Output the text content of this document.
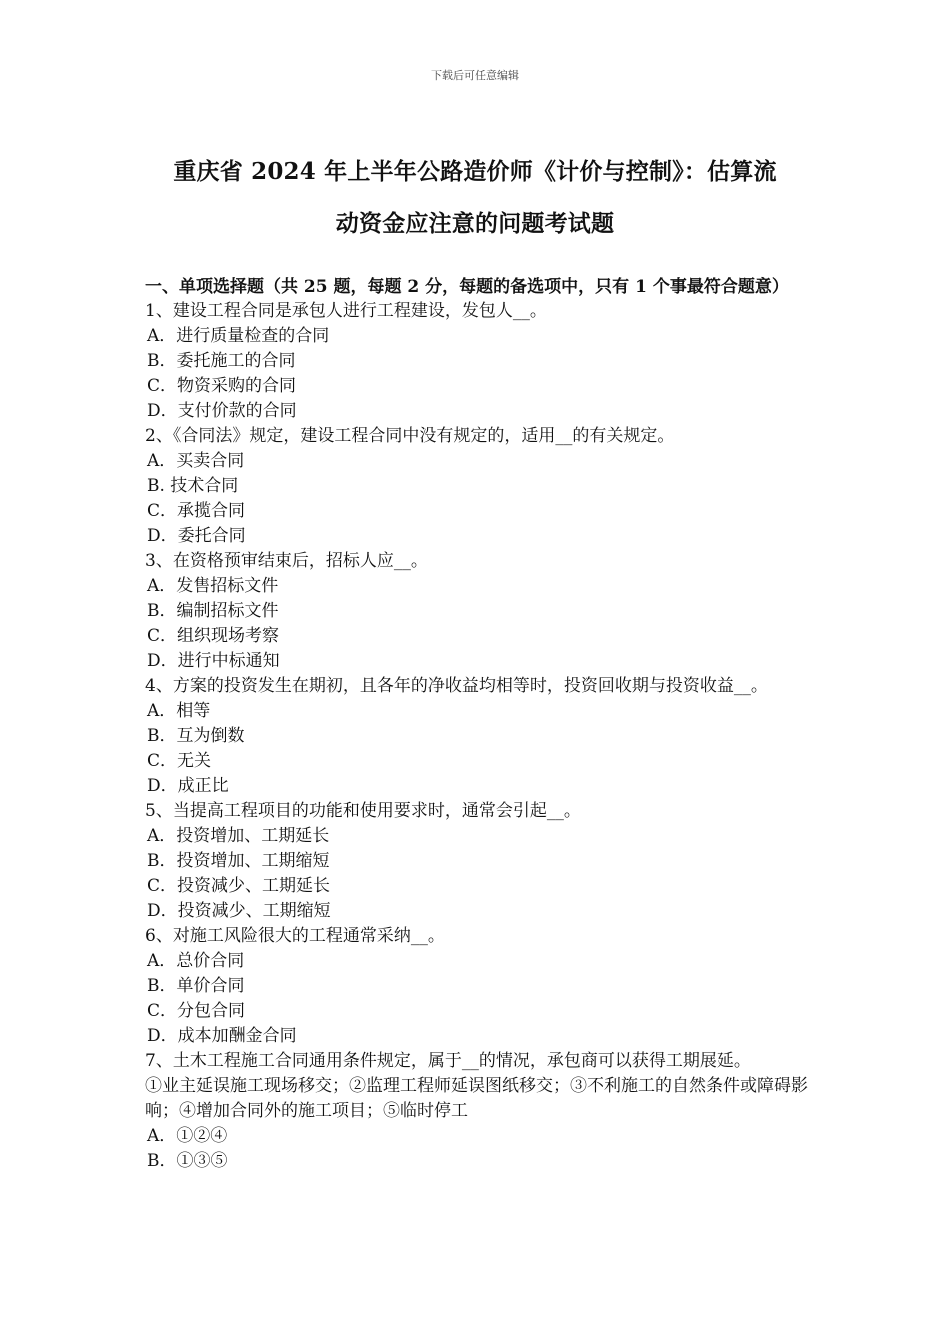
下载后可任意编辑
重庆省 2024 年上半年公路造价师《计价与控制》：估算流
动资金应注意的问题考试题

一、单项选择题（共 25 题，每题 2 分，每题的备选项中，只有 1 个事最符合题意）

1、建设工程合同是承包人进行工程建设，发包人__。

A．进行质量检查的合同

B．委托施工的合同

C．物资采购的合同

D．支付价款的合同

2、《合同法》规定，建设工程合同中没有规定的，适用__的有关规定。

A．买卖合同

B. 技术合同

C．承揽合同

D．委托合同

3、在资格预审结束后，招标人应__。

A．发售招标文件

B．编制招标文件

C．组织现场考察

D．进行中标通知

4、方案的投资发生在期初，且各年的净收益均相等时，投资回收期与投资收益__。

A．相等

B．互为倒数

C．无关

D．成正比

5、当提高工程项目的功能和使用要求时，通常会引起__。

A．投资增加、工期延长

B．投资增加、工期缩短

C．投资减少、工期延长

D．投资减少、工期缩短

6、对施工风险很大的工程通常采纳__。

A．总价合同

B．单价合同

C．分包合同

D．成本加酬金合同

7、土木工程施工合同通用条件规定，属于__的情况，承包商可以获得工期展延。

①业主延误施工现场移交；②监理工程师延误图纸移交；③不利施工的自然条件或障碍影响；④增加合同外的施工项目；⑤临时停工

A．①②④

B．①③⑤
